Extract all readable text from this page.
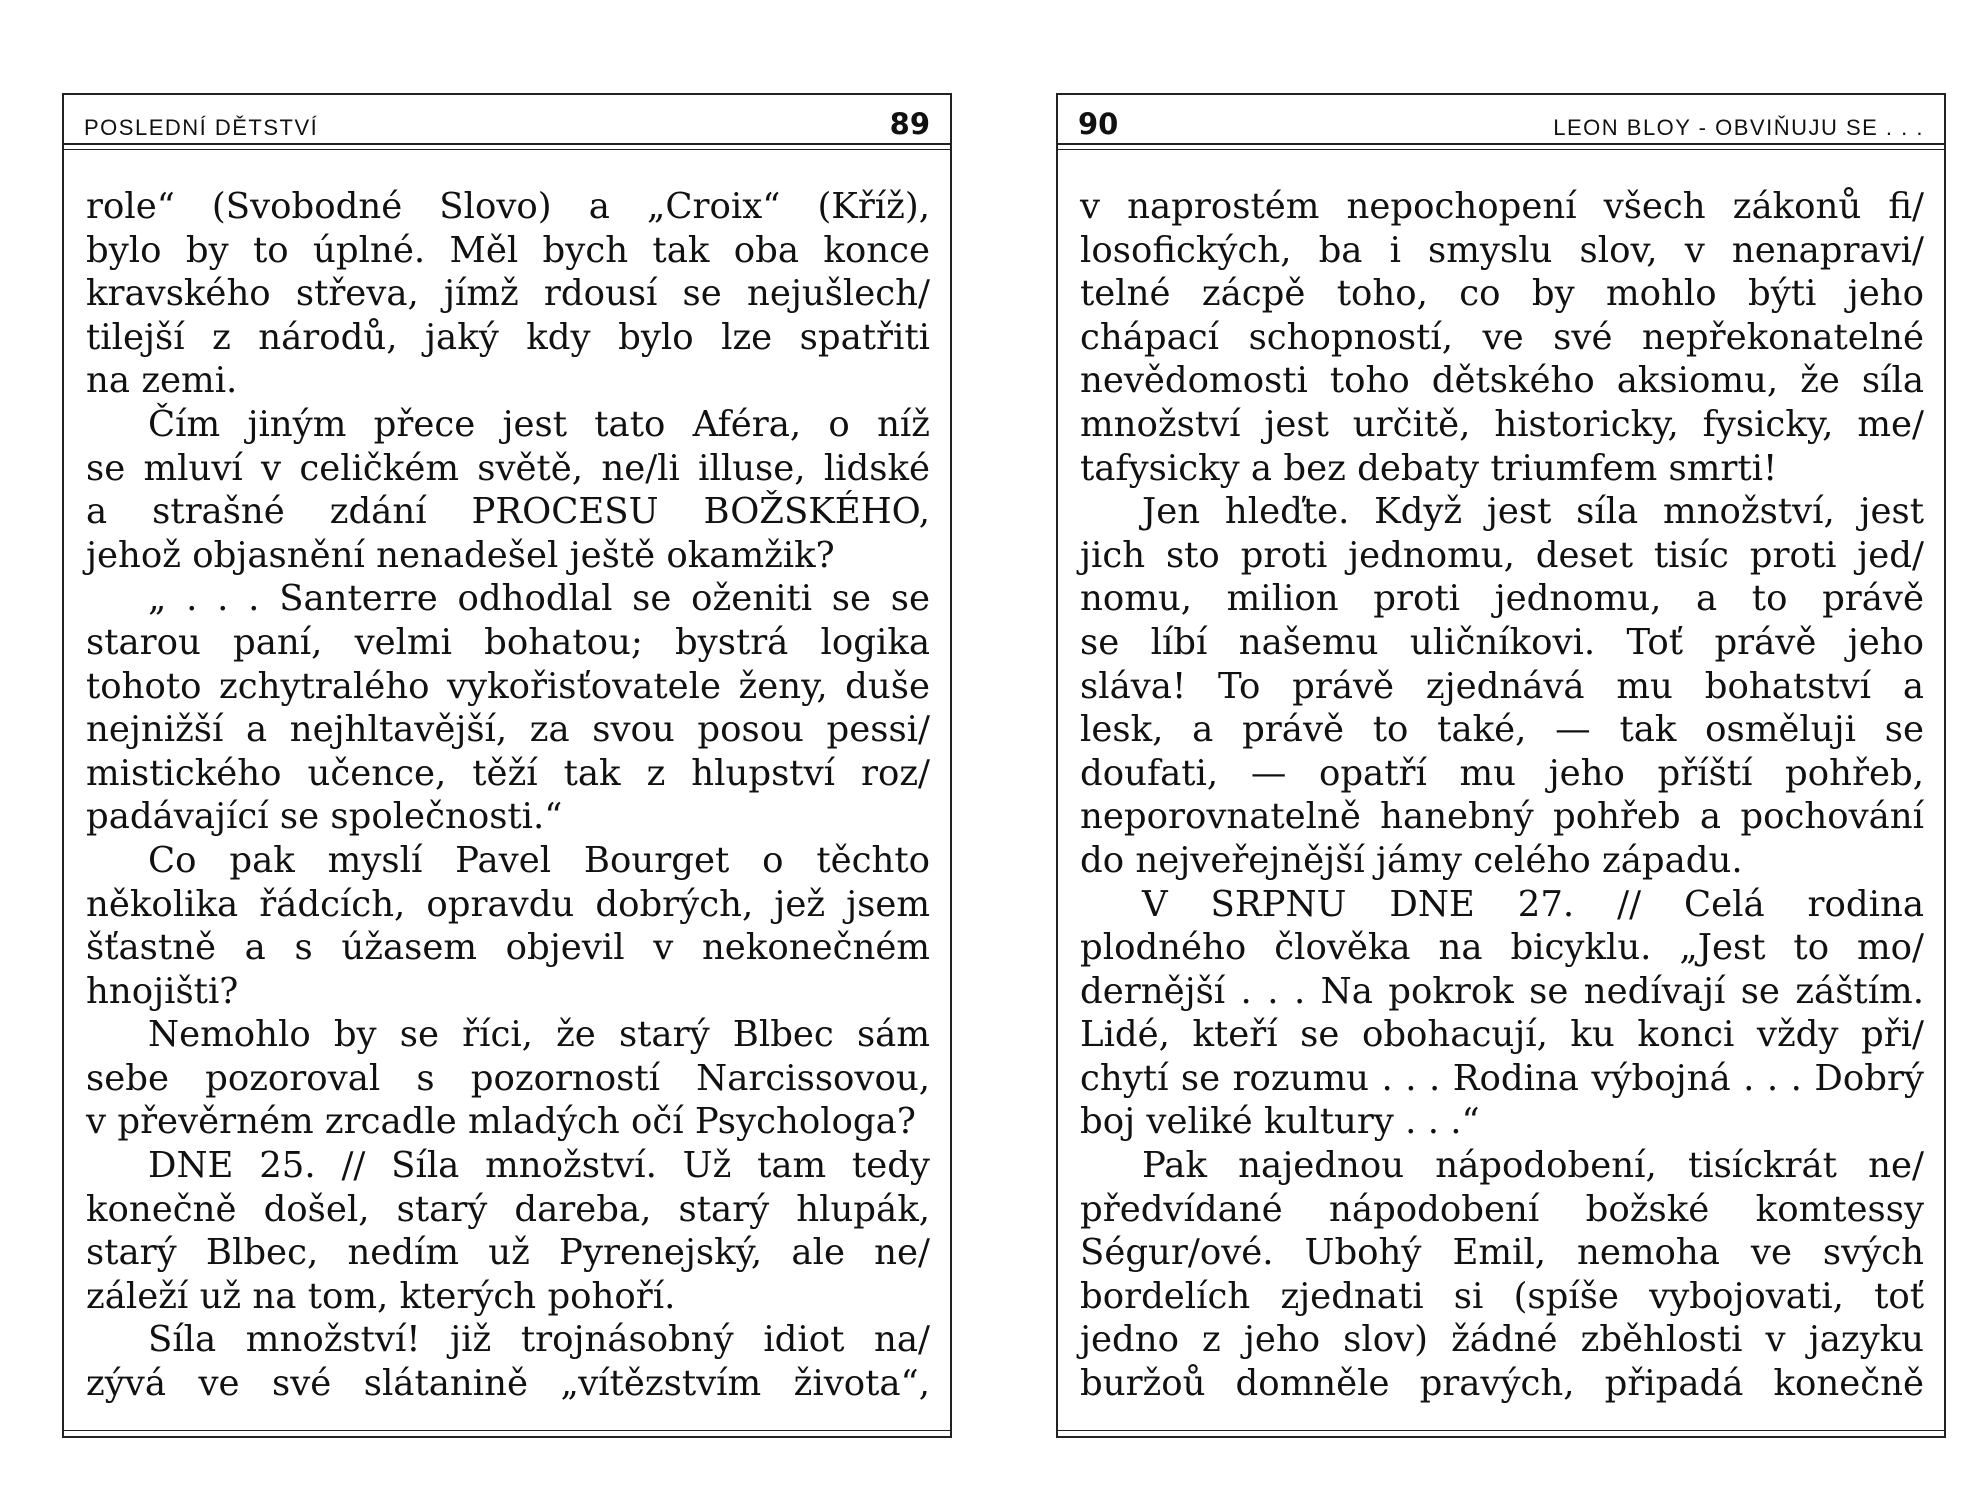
POSLEDNÍ DĚTSTVÍ	89
role“ (Svobodné Slovo) a „Croix“ (Kříž),
bylo by to úplné. Měl bych tak oba konce
kravského střeva, jímž rdousí se nejušlech/
tilejší z národů, jaký kdy bylo lze spatřiti
na zemi.
Čím jiným přece jest tato Aféra, o níž
se mluví v celičkém světě, ne/li illuse, lidské
a strašné zdání PROCESU BOŽSKÉHO,
jehož objasnění nenadešel ještě okamžik?
„ . . . Santerre odhodlal se oženiti se se
starou paní, velmi bohatou; bystrá logika
tohoto zchytralého vykořisťovatele ženy, duše
nejnižší a nejhltavější, za svou posou pessi/
mistického učence, těží tak z hlupství roz/
padávající se společnosti.“
Co pak myslí Pavel Bourget o těchto
několika řádcích, opravdu dobrých, jež jsem
šťastně a s úžasem objevil v nekonečném
hnojišti?
Nemohlo by se říci, že starý Blbec sám
sebe pozoroval s pozorností Narcissovou,
v převěrném zrcadle mladých očí Psychologa?
DNE 25. // Síla množství. Už tam tedy
konečně došel, starý dareba, starý hlupák,
starý Blbec, nedím už Pyrenejský, ale ne/
záleží už na tom, kterých pohoří.
Síla množství! již trojnásobný idiot na/
zývá ve své slátanině „vítězstvím života“,
90	LEON BLOY - OBVIŇUJU SE . . .
v naprostém nepochopení všech zákonů fi/
losofických, ba i smyslu slov, v nenapravi/
telné zácpě toho, co by mohlo býti jeho
chápací schopností, ve své nepřekonatelné
nevědomosti toho dětského aksiomu, že síla
množství jest určitě, historicky, fysicky, me/
tafysicky a bez debaty triumfem smrti!
Jen hleďte. Když jest síla množství, jest
jich sto proti jednomu, deset tisíc proti jed/
nomu, milion proti jednomu, a to právě
se líbí našemu uličníkovi. Toť právě jeho
sláva! To právě zjednává mu bohatství a
lesk, a právě to také, — tak osměluji se
doufati, — opatří mu jeho příští pohřeb,
neporovnatelně hanebný pohřeb a pochování
do nejveřejnější jámy celého západu.
V SRPNU DNE 27. // Celá rodina
plodného člověka na bicyklu. „Jest to mo/
dernější . . . Na pokrok se nedívají se záštím.
Lidé, kteří se obohacují, ku konci vždy při/
chytí se rozumu . . . Rodina výbojná . . . Dobrý
boj veliké kultury . . .“
Pak najednou nápodobení, tisíckrát ne/
předvídané nápodobení božské komtessy
Ségur/ové. Ubohý Emil, nemoha ve svých
bordelích zjednati si (spíše vybojovati, toť
jedno z jeho slov) žádné zběhlosti v jazyku
buržoů domněle pravých, připadá konečně
